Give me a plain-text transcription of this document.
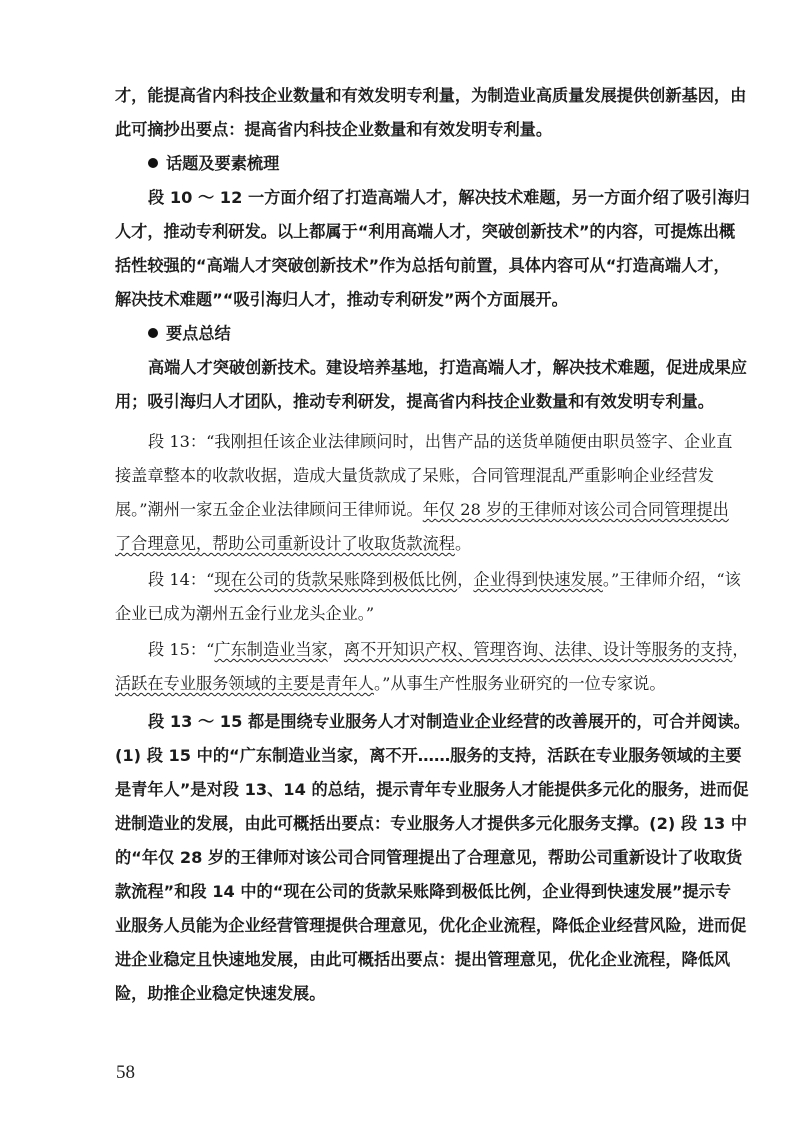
才，能提高省内科技企业数量和有效发明专利量，为制造业高质量发展提供创新基因，由
此可摘抄出要点：提高省内科技企业数量和有效发明专利量。
话题及要素梳理
段 10 ～ 12 一方面介绍了打造高端人才，解决技术难题，另一方面介绍了吸引海归
人才，推动专利研发。以上都属于“利用高端人才，突破创新技术”的内容，可提炼出概
括性较强的“高端人才突破创新技术”作为总括句前置，具体内容可从“打造高端人才，
解决技术难题”“吸引海归人才，推动专利研发”两个方面展开。
要点总结
高端人才突破创新技术。建设培养基地，打造高端人才，解决技术难题，促进成果应
用；吸引海归人才团队，推动专利研发，提高省内科技企业数量和有效发明专利量。
段 13：“我刚担任该企业法律顾问时，出售产品的送货单随便由职员签字、企业直
接盖章整本的收款收据，造成大量货款成了呆账，合同管理混乱严重影响企业经营发
展。”潮州一家五金企业法律顾问王律师说。年仅 28 岁的王律师对该公司合同管理提出
了合理意见，帮助公司重新设计了收取货款流程。
段 14：“现在公司的货款呆账降到极低比例，企业得到快速发展。”王律师介绍，“该
企业已成为潮州五金行业龙头企业。”
段 15：“广东制造业当家，离不开知识产权、管理咨询、法律、设计等服务的支持，
活跃在专业服务领域的主要是青年人。”从事生产性服务业研究的一位专家说。
段 13 ～ 15 都是围绕专业服务人才对制造业企业经营的改善展开的，可合并阅读。
(1) 段 15 中的“广东制造业当家，离不开……服务的支持，活跃在专业服务领域的主要
是青年人”是对段 13、14 的总结，提示青年专业服务人才能提供多元化的服务，进而促
进制造业的发展，由此可概括出要点：专业服务人才提供多元化服务支撑。(2) 段 13 中
的“年仅 28 岁的王律师对该公司合同管理提出了合理意见，帮助公司重新设计了收取货
款流程”和段 14 中的“现在公司的货款呆账降到极低比例，企业得到快速发展”提示专
业服务人员能为企业经营管理提供合理意见，优化企业流程，降低企业经营风险，进而促
进企业稳定且快速地发展，由此可概括出要点：提出管理意见，优化企业流程，降低风
险，助推企业稳定快速发展。
58
